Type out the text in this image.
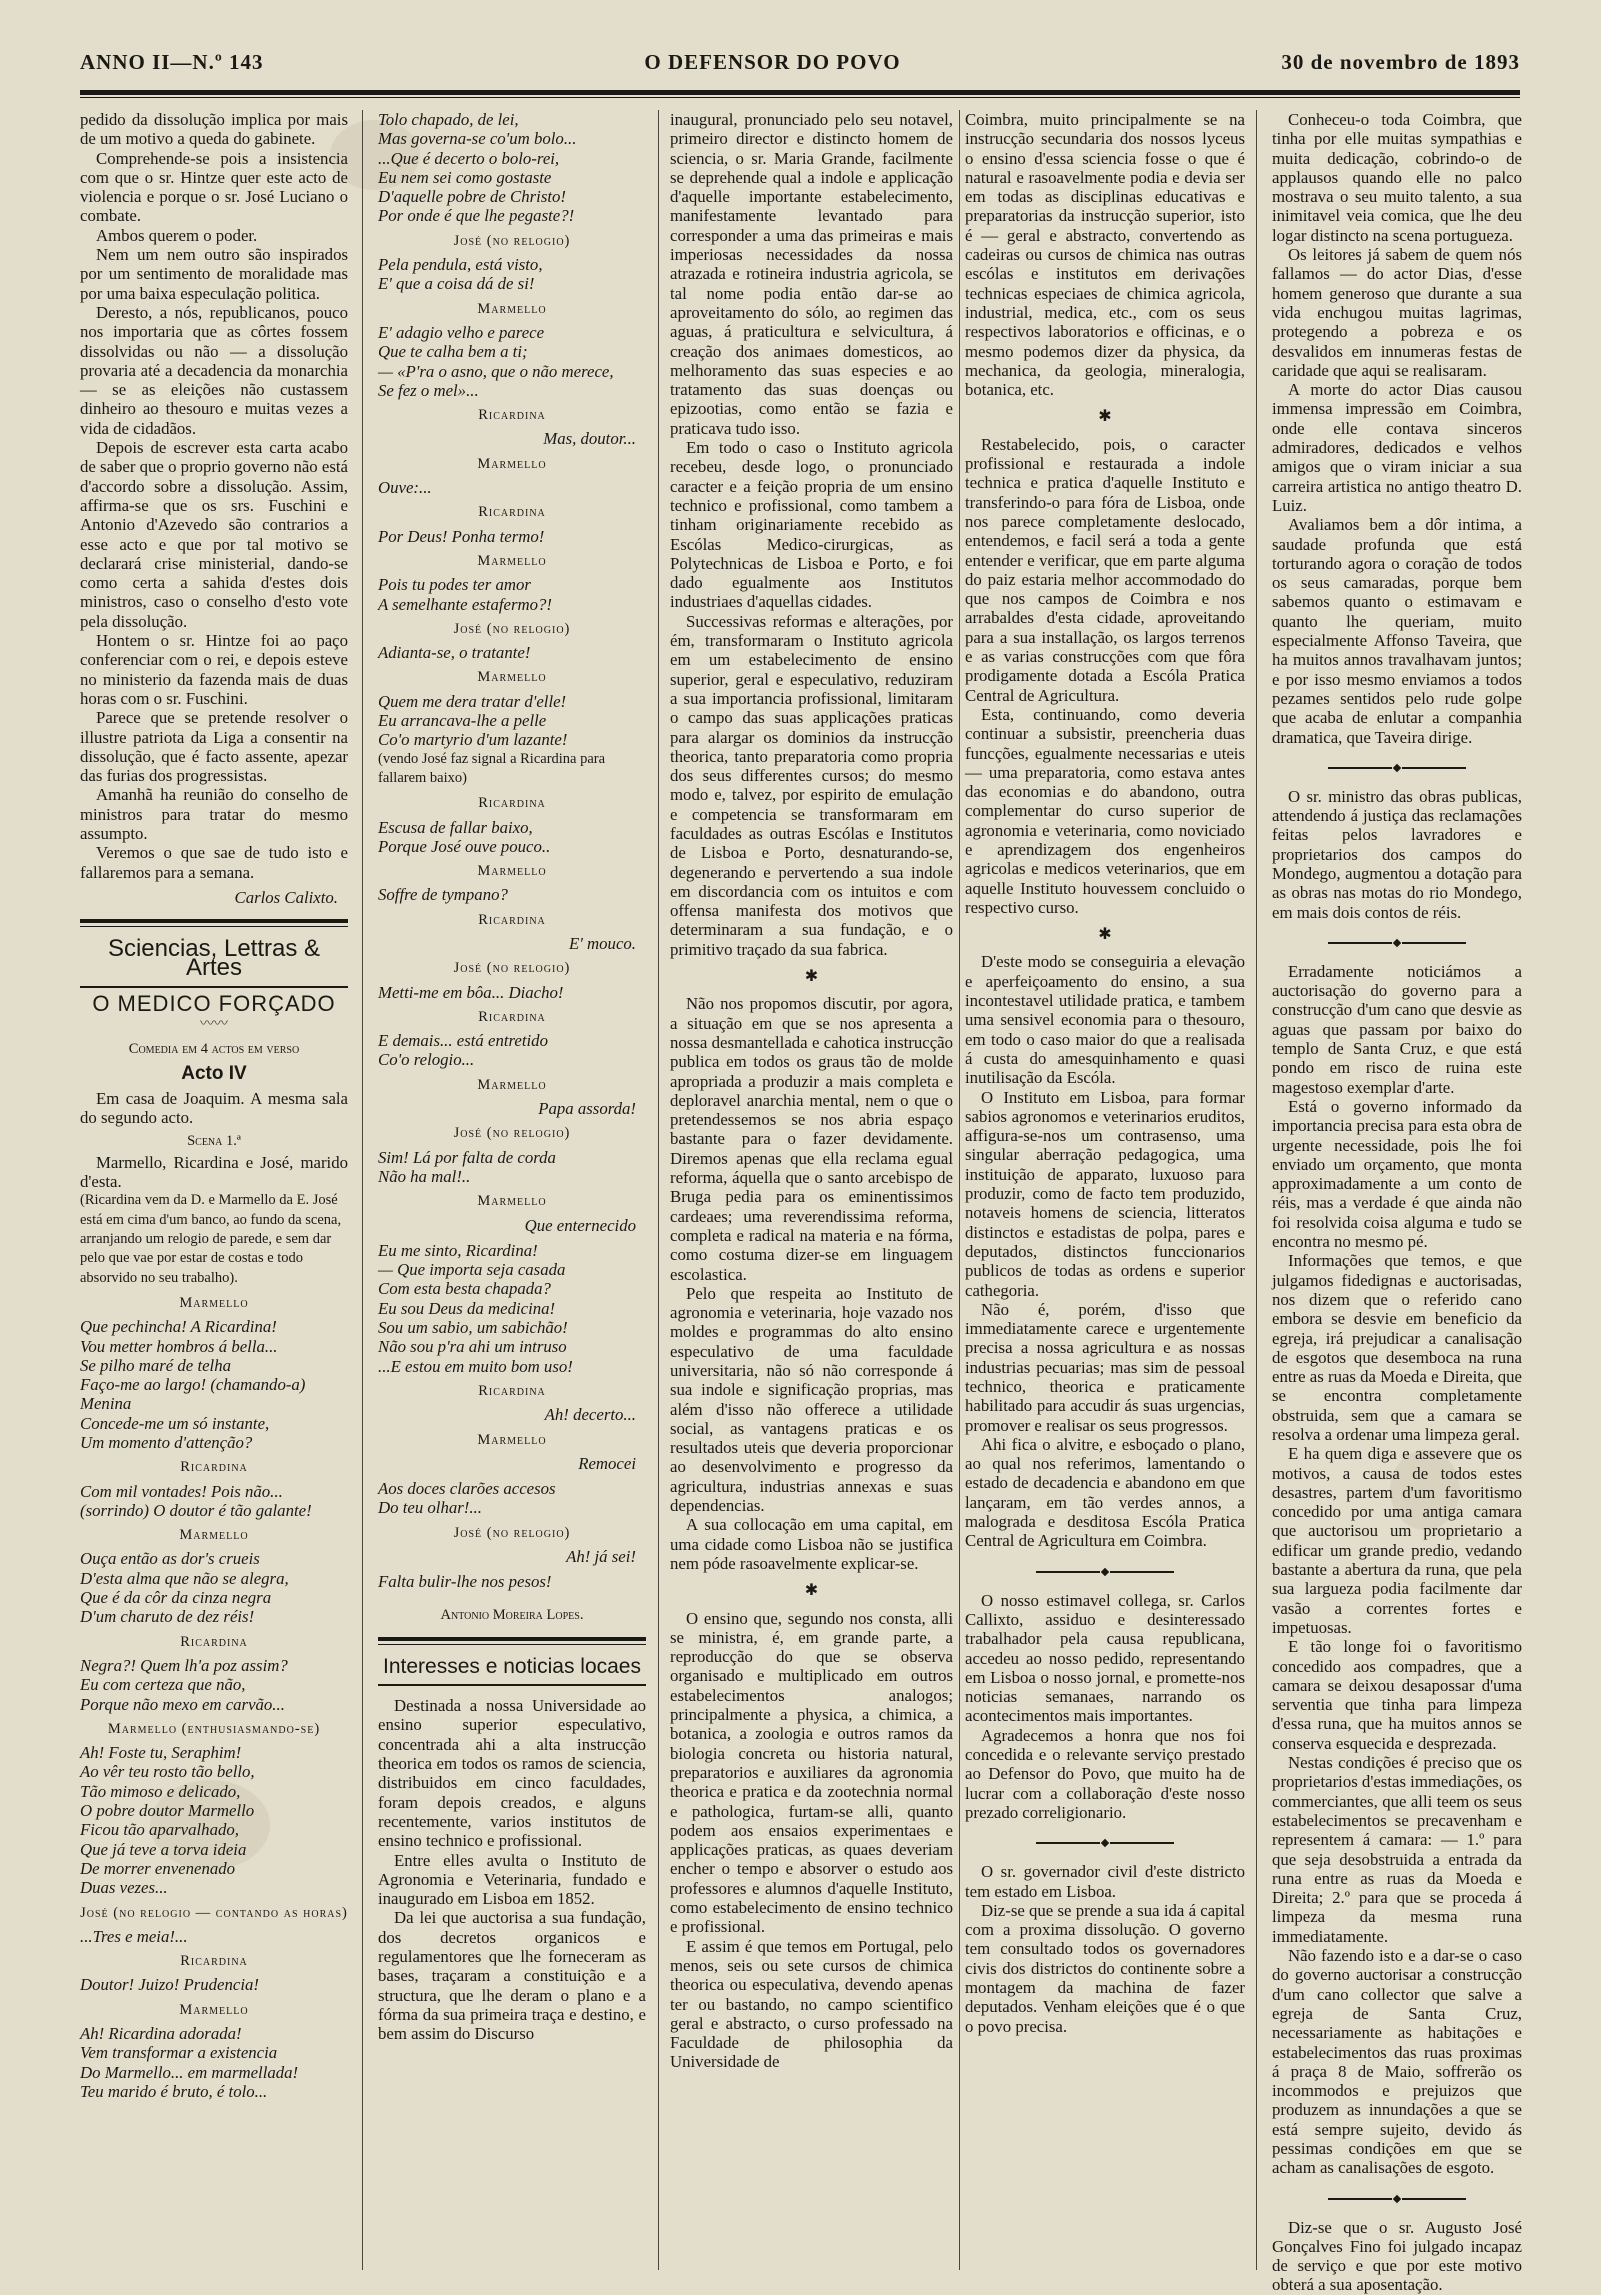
ANNO II—N.º 143	O DEFENSOR DO POVO	30 de novembro de 1893

pedido da dissolução implica por mais de um motivo a queda do gabinete.

Comprehende-se pois a insistencia com que o sr. Hintze quer este acto de violencia e porque o sr. José Luciano o combate.

Ambos querem o poder.

Nem um nem outro são inspirados por um sentimento de moralidade mas por uma baixa especulação politica.

Deresto, a nós, republicanos, pouco nos importaria que as côrtes fossem dissolvidas ou não — a dissolução provaria até a decadencia da monarchia — se as eleições não custassem dinheiro ao thesouro e muitas vezes a vida de cidadãos.

Depois de escrever esta carta acabo de saber que o proprio governo não está d'accordo sobre a dissolução. Assim, affirma-se que os srs. Fuschini e Antonio d'Azevedo são contrarios a esse acto e que por tal motivo se declarará crise ministerial, dando-se como certa a sahida d'estes dois ministros, caso o conselho d'esto vote pela dissolução.

Hontem o sr. Hintze foi ao paço conferenciar com o rei, e depois esteve no ministerio da fazenda mais de duas horas com o sr. Fuschini.

Parece que se pretende resolver o illustre patriota da Liga a consentir na dissolução, que é facto assente, apezar das furias dos progressistas.

Amanhã ha reunião do conselho de ministros para tratar do mesmo assumpto.

Veremos o que sae de tudo isto e fallaremos para a semana.

Carlos Calixto.

Sciencias, Lettras & Artes
O MEDICO FORÇADO
〰〰
Comedia em 4 actos em verso
Acto IV

Em casa de Joaquim. A mesma sala do segundo acto.

Scena 1.ª

Marmello, Ricardina e José, marido d'esta.

(Ricardina vem da D. e Marmello da E. José está em cima d'um banco, ao fundo da scena, arranjando um relogio de parede, e sem dar pelo que vae por estar de costas e todo absorvido no seu trabalho).

Marmello
Que pechincha! A Ricardina!
Vou metter hombros á bella...
Se pilho maré de telha
Faço-me ao largo! (chamando-a) Menina
Concede-me um só instante,
Um momento d'attenção?
Ricardina
Com mil vontades! Pois não...
(sorrindo) O doutor é tão galante!
Marmello
Ouça então as dor's crueis
D'esta alma que não se alegra,
Que é da côr da cinza negra
D'um charuto de dez réis!
Ricardina
Negra?! Quem lh'a poz assim?
Eu com certeza que não,
Porque não mexo em carvão...
Marmello (enthusiasmando-se)
Ah! Foste tu, Seraphim!
Ao vêr teu rosto tão bello,
Tão mimoso e delicado,
O pobre doutor Marmello
Ficou tão aparvalhado,
Que já teve a torva ideia
De morrer envenenado
Duas vezes...
José (no relogio — contando as horas)
...Tres e meia!...
Ricardina
Doutor! Juizo! Prudencia!
Marmello
Ah! Ricardina adorada!
Vem transformar a existencia
Do Marmello... em marmellada!
Teu marido é bruto, é tolo...
Tolo chapado, de lei,
Mas governa-se co'um bolo...
...Que é decerto o bolo-rei,
Eu nem sei como gostaste
D'aquelle pobre de Christo!
Por onde é que lhe pegaste?!
José (no relogio)
Pela pendula, está visto,
E' que a coisa dá de si!
Marmello
E' adagio velho e parece
Que te calha bem a ti;
— «P'ra o asno, que o não merece,
Se fez o mel»...
Ricardina
Mas, doutor...
Marmello
Ouve:...
Ricardina
Por Deus! Ponha termo!
Marmello
Pois tu podes ter amor
A semelhante estafermo?!
José (no relogio)
Adianta-se, o tratante!
Marmello
Quem me dera tratar d'elle!
Eu arrancava-lhe a pelle
Co'o martyrio d'um lazante!

(vendo José faz signal a Ricardina para fallarem baixo)

Ricardina
Escusa de fallar baixo,
Porque José ouve pouco..
Marmello
Soffre de tympano?
Ricardina
E' mouco.
José (no relogio)
Metti-me em bôa... Diacho!
Ricardina
E demais... está entretido
Co'o relogio...
Marmello
Papa assorda!
José (no relogio)
Sim! Lá por falta de corda
Não ha mal!..
Marmello
Que enternecido
Eu me sinto, Ricardina!
— Que importa seja casada
Com esta besta chapada?
Eu sou Deus da medicina!
Sou um sabio, um sabichão!
Não sou p'ra ahi um intruso
...E estou em muito bom uso!
Ricardina
Ah! decerto...
Marmello
Remocei
Aos doces clarões accesos
Do teu olhar!...
José (no relogio)
Ah! já sei!
Falta bulir-lhe nos pesos!

Antonio Moreira Lopes.

Interesses e noticias locaes

Destinada a nossa Universidade ao ensino superior especulativo, concentrada ahi a alta instrucção theorica em todos os ramos de sciencia, distribuidos em cinco faculdades, foram depois creados, e alguns recentemente, varios institutos de ensino technico e profissional.

Entre elles avulta o Instituto de Agronomia e Veterinaria, fundado e inaugurado em Lisboa em 1852.

Da lei que auctorisa a sua fundação, dos decretos organicos e regulamentores que lhe forneceram as bases, traçaram a constituição e a structura, que lhe deram o plano e a fórma da sua primeira traça e destino, e bem assim do Discurso

inaugural, pronunciado pelo seu notavel, primeiro director e distincto homem de sciencia, o sr. Maria Grande, facilmente se deprehende qual a indole e applicação d'aquelle importante estabelecimento, manifestamente levantado para corresponder a uma das primeiras e mais imperiosas necessidades da nossa atrazada e rotineira industria agricola, se tal nome podia então dar-se ao aproveitamento do sólo, ao regimen das aguas, á praticultura e selvicultura, á creação dos animaes domesticos, ao melhoramento das suas especies e ao tratamento das suas doenças ou epizootias, como então se fazia e praticava tudo isso.

Em todo o caso o Instituto agricola recebeu, desde logo, o pronunciado caracter e a feição propria de um ensino technico e profissional, como tambem a tinham originariamente recebido as Escólas Medico-cirurgicas, as Polytechnicas de Lisboa e Porto, e foi dado egualmente aos Institutos industriaes d'aquellas cidades.

Successivas reformas e alterações, por ém, transformaram o Instituto agricola em um estabelecimento de ensino superior, geral e especulativo, reduziram a sua importancia profissional, limitaram o campo das suas applicações praticas para alargar os dominios da instrucção theorica, tanto preparatoria como propria dos seus differentes cursos; do mesmo modo e, talvez, por espirito de emulação e competencia se transformaram em faculdades as outras Escólas e Institutos de Lisboa e Porto, desnaturando-se, degenerando e pervertendo a sua indole em discordancia com os intuitos e com offensa manifesta dos motivos que determinaram a sua fundação, e o primitivo traçado da sua fabrica.

✱

Não nos propomos discutir, por agora, a situação em que se nos apresenta a nossa desmantellada e cahotica instrucção publica em todos os graus tão de molde apropriada a produzir a mais completa e deploravel anarchia mental, nem o que o pretendessemos se nos abria espaço bastante para o fazer devidamente. Diremos apenas que ella reclama egual reforma, áquella que o santo arcebispo de Bruga pedia para os eminentissimos cardeaes; uma reverendissima reforma, completa e radical na materia e na fórma, como costuma dizer-se em linguagem escolastica.

Pelo que respeita ao Instituto de agronomia e veterinaria, hoje vazado nos moldes e programmas do alto ensino especulativo de uma faculdade universitaria, não só não corresponde á sua indole e significação proprias, mas além d'isso não offerece a utilidade social, as vantagens praticas e os resultados uteis que deveria proporcionar ao desenvolvimento e progresso da agricultura, industrias annexas e suas dependencias.

A sua collocação em uma capital, em uma cidade como Lisboa não se justifica nem póde rasoavelmente explicar-se.

✱

O ensino que, segundo nos consta, alli se ministra, é, em grande parte, a reproducção do que se observa organisado e multiplicado em outros estabelecimentos analogos; principalmente a physica, a chimica, a botanica, a zoologia e outros ramos da biologia concreta ou historia natural, preparatorios e auxiliares da agronomia theorica e pratica e da zootechnia normal e pathologica, furtam-se alli, quanto podem aos ensaios experimentaes e applicações praticas, as quaes deveriam encher o tempo e absorver o estudo aos professores e alumnos d'aquelle Instituto, como estabelecimento de ensino technico e profissional.

E assim é que temos em Portugal, pelo menos, seis ou sete cursos de chimica theorica ou especulativa, devendo apenas ter ou bastando, no campo scientifico geral e abstracto, o curso professado na Faculdade de philosophia da Universidade de

Coimbra, muito principalmente se na instrucção secundaria dos nossos lyceus o ensino d'essa sciencia fosse o que é natural e rasoavelmente podia e devia ser em todas as disciplinas educativas e preparatorias da instrucção superior, isto é — geral e abstracto, convertendo as cadeiras ou cursos de chimica nas outras escólas e institutos em derivações technicas especiaes de chimica agricola, industrial, medica, etc., com os seus respectivos laboratorios e officinas, e o mesmo podemos dizer da physica, da mechanica, da geologia, mineralogia, botanica, etc.

✱

Restabelecido, pois, o caracter profissional e restaurada a indole technica e pratica d'aquelle Instituto e transferindo-o para fóra de Lisboa, onde nos parece completamente deslocado, entendemos, e facil será a toda a gente entender e verificar, que em parte alguma do paiz estaria melhor accommodado do que nos campos de Coimbra e nos arrabaldes d'esta cidade, aproveitando para a sua installação, os largos terrenos e as varias construcções com que fôra prodigamente dotada a Escóla Pratica Central de Agricultura.

Esta, continuando, como deveria continuar a subsistir, preencheria duas funcções, egualmente necessarias e uteis — uma preparatoria, como estava antes das economias e do abandono, outra complementar do curso superior de agronomia e veterinaria, como noviciado e aprendizagem dos engenheiros agricolas e medicos veterinarios, que em aquelle Instituto houvessem concluido o respectivo curso.

✱

D'este modo se conseguiria a elevação e aperfeiçoamento do ensino, a sua incontestavel utilidade pratica, e tambem uma sensivel economia para o thesouro, em todo o caso maior do que a realisada á custa do amesquinhamento e quasi inutilisação da Escóla.

O Instituto em Lisboa, para formar sabios agronomos e veterinarios eruditos, affigura-se-nos um contrasenso, uma singular aberração pedagogica, uma instituição de apparato, luxuoso para produzir, como de facto tem produzido, notaveis homens de sciencia, litteratos distinctos e estadistas de polpa, pares e deputados, distinctos funccionarios publicos de todas as ordens e superior cathegoria.

Não é, porém, d'isso que immediatamente carece e urgentemente precisa a nossa agricultura e as nossas industrias pecuarias; mas sim de pessoal technico, theorica e praticamente habilitado para accudir ás suas urgencias, promover e realisar os seus progressos.

Ahi fica o alvitre, e esboçado o plano, ao qual nos referimos, lamentando o estado de decadencia e abandono em que lançaram, em tão verdes annos, a malograda e desditosa Escóla Pratica Central de Agricultura em Coimbra.

O nosso estimavel collega, sr. Carlos Callixto, assiduo e desinteressado trabalhador pela causa republicana, accedeu ao nosso pedido, representando em Lisboa o nosso jornal, e promette-nos noticias semanaes, narrando os acontecimentos mais importantes.

Agradecemos a honra que nos foi concedida e o relevante serviço prestado ao Defensor do Povo, que muito ha de lucrar com a collaboração d'este nosso prezado correligionario.

O sr. governador civil d'este districto tem estado em Lisboa.

Diz-se que se prende a sua ida á capital com a proxima dissolução. O governo tem consultado todos os governadores civis dos districtos do continente sobre a montagem da machina de fazer deputados. Venham eleições que é o que o povo precisa.

Conheceu-o toda Coimbra, que tinha por elle muitas sympathias e muita dedicação, cobrindo-o de applausos quando elle no palco mostrava o seu muito talento, a sua inimitavel veia comica, que lhe deu logar distincto na scena portugueza.

Os leitores já sabem de quem nós fallamos — do actor Dias, d'esse homem generoso que durante a sua vida enchugou muitas lagrimas, protegendo a pobreza e os desvalidos em innumeras festas de caridade que aqui se realisaram.

A morte do actor Dias causou immensa impressão em Coimbra, onde elle contava sinceros admiradores, dedicados e velhos amigos que o viram iniciar a sua carreira artistica no antigo theatro D. Luiz.

Avaliamos bem a dôr intima, a saudade profunda que está torturando agora o coração de todos os seus camaradas, porque bem sabemos quanto o estimavam e quanto lhe queriam, muito especialmente Affonso Taveira, que ha muitos annos travalhavam juntos; e por isso mesmo enviamos a todos pezames sentidos pelo rude golpe que acaba de enlutar a companhia dramatica, que Taveira dirige.

O sr. ministro das obras publicas, attendendo á justiça das reclamações feitas pelos lavradores e proprietarios dos campos do Mondego, augmentou a dotação para as obras nas motas do rio Mondego, em mais dois contos de réis.

Erradamente noticiámos a auctorisação do governo para a construcção d'um cano que desvie as aguas que passam por baixo do templo de Santa Cruz, e que está pondo em risco de ruina este magestoso exemplar d'arte.

Está o governo informado da importancia precisa para esta obra de urgente necessidade, pois lhe foi enviado um orçamento, que monta approximadamente a um conto de réis, mas a verdade é que ainda não foi resolvida coisa alguma e tudo se encontra no mesmo pé.

Informações que temos, e que julgamos fidedignas e auctorisadas, nos dizem que o referido cano embora se desvie em beneficio da egreja, irá prejudicar a canalisação de esgotos que desemboca na runa entre as ruas da Moeda e Direita, que se encontra completamente obstruida, sem que a camara se resolva a ordenar uma limpeza geral.

E ha quem diga e assevere que os motivos, a causa de todos estes desastres, partem d'um favoritismo concedido por uma antiga camara que auctorisou um proprietario a edificar um grande predio, vedando bastante a abertura da runa, que pela sua largueza podia facilmente dar vasão a correntes fortes e impetuosas.

E tão longe foi o favoritismo concedido aos compadres, que a camara se deixou desapossar d'uma serventia que tinha para limpeza d'essa runa, que ha muitos annos se conserva esquecida e desprezada.

Nestas condições é preciso que os proprietarios d'estas immediações, os commerciantes, que alli teem os seus estabelecimentos se precavenham e representem á camara: — 1.º para que seja desobstruida a entrada da runa entre as ruas da Moeda e Direita; 2.º para que se proceda á limpeza da mesma runa immediatamente.

Não fazendo isto e a dar-se o caso do governo auctorisar a construcção d'um cano collector que salve a egreja de Santa Cruz, necessariamente as habitações e estabelecimentos das ruas proximas á praça 8 de Maio, soffrerão os incommodos e prejuizos que produzem as innundações a que se está sempre sujeito, devido ás pessimas condições em que se acham as canalisações de esgoto.

Diz-se que o sr. Augusto José Gonçalves Fino foi julgado incapaz de serviço e que por este motivo obterá a sua aposentação.
